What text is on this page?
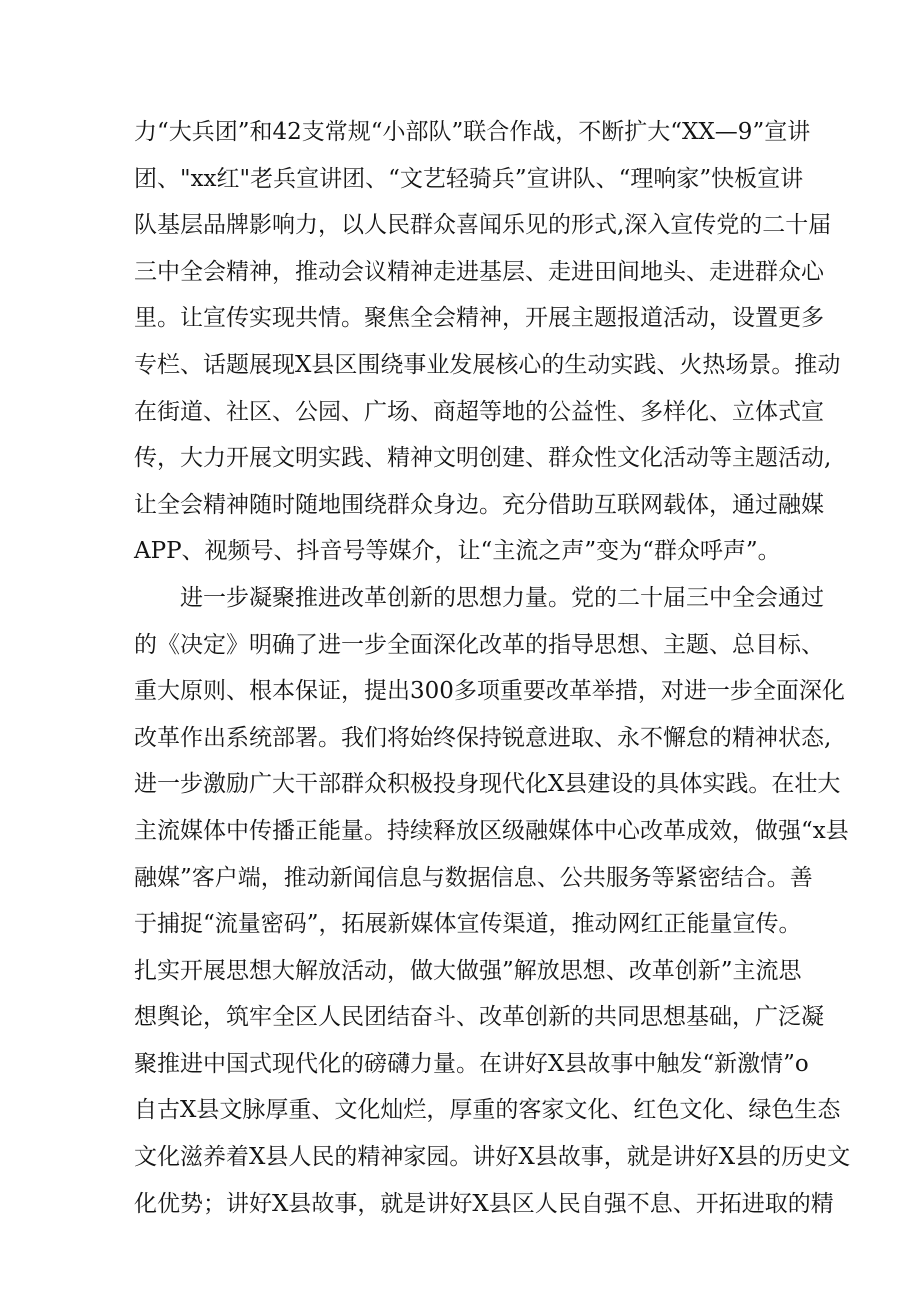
力“大兵团”和42支常规“小部队”联合作战，不断扩大“XX—9”宣讲
团、"xx红"老兵宣讲团、“文艺轻骑兵”宣讲队、“理响家”快板宣讲
队基层品牌影响力，以人民群众喜闻乐见的形式,深入宣传党的二十届
三中全会精神，推动会议精神走进基层、走进田间地头、走进群众心
里。让宣传实现共情。聚焦全会精神，开展主题报道活动，设置更多
专栏、话题展现X县区围绕事业发展核心的生动实践、火热场景。推动
在街道、社区、公园、广场、商超等地的公益性、多样化、立体式宣
传，大力开展文明实践、精神文明创建、群众性文化活动等主题活动,
让全会精神随时随地围绕群众身边。充分借助互联网载体，通过融媒
APP、视频号、抖音号等媒介，让“主流之声”变为“群众呼声”。
进一步凝聚推进改革创新的思想力量。党的二十届三中全会通过
的《决定》明确了进一步全面深化改革的指导思想、主题、总目标、
重大原则、根本保证，提出300多项重要改革举措，对进一步全面深化
改革作出系统部署。我们将始终保持锐意进取、永不懈怠的精神状态,
进一步激励广大干部群众积极投身现代化X县建设的具体实践。在壮大
主流媒体中传播正能量。持续释放区级融媒体中心改革成效，做强“x县
融媒”客户端，推动新闻信息与数据信息、公共服务等紧密结合。善
于捕捉“流量密码”，拓展新媒体宣传渠道，推动网红正能量宣传。
扎实开展思想大解放活动，做大做强”解放思想、改革创新”主流思
想舆论，筑牢全区人民团结奋斗、改革创新的共同思想基础，广泛凝
聚推进中国式现代化的磅礴力量。在讲好X县故事中触发“新激情”o
自古X县文脉厚重、文化灿烂，厚重的客家文化、红色文化、绿色生态
文化滋养着X县人民的精神家园。讲好X县故事，就是讲好X县的历史文
化优势；讲好X县故事，就是讲好X县区人民自强不息、开拓进取的精
